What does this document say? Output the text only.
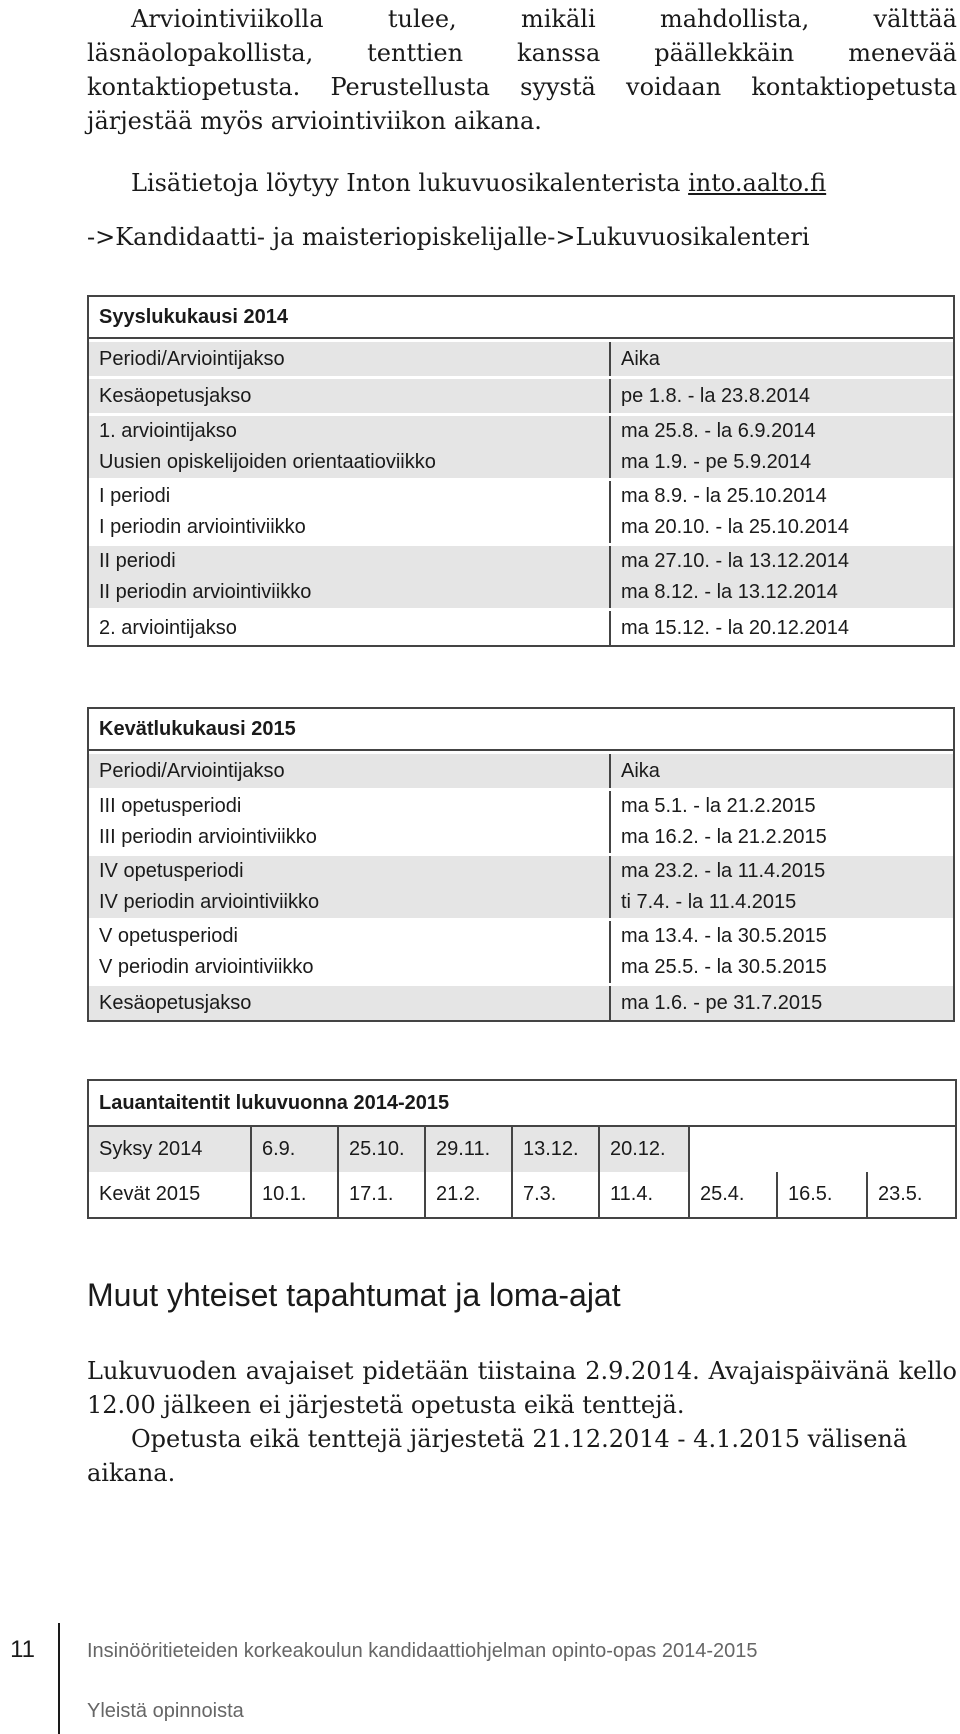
Arviointiviikolla tulee, mikäli mahdollista, välttää läsnäolopakollista, tenttien kanssa päällekkäin menevää kontaktiopetusta. Perustellusta syystä voidaan kontaktiopetusta järjestää myös arviointiviikon aikana.

Lisätietoja löytyy Inton lukuvuosikalenterista into.aalto.fi

->Kandidaatti- ja maisteriopiskelijalle->Lukuvuosikalenteri

Syyslukukausi 2014	

Periodi/Arviointijakso	Aika

Kesäopetusjakso	pe 1.8. - la 23.8.2014

1. arviointijakso	ma 25.8. - la 6.9.2014
Uusien opiskelijoiden orientaatioviikko	ma 1.9. - pe 5.9.2014

I periodi	ma 8.9. - la 25.10.2014
I periodin arviointiviikko	ma 20.10. - la 25.10.2014

II periodi	ma 27.10. - la 13.12.2014
II periodin arviointiviikko	ma 8.12. - la 13.12.2014

2. arviointijakso	ma 15.12. - la 20.12.2014
Kevätlukukausi 2015	

Periodi/Arviointijakso	Aika

III opetusperiodi	ma 5.1. - la 21.2.2015
III periodin arviointiviikko	ma 16.2. - la 21.2.2015

IV opetusperiodi	ma 23.2. - la 11.4.2015
IV periodin arviointiviikko	ti 7.4. - la 11.4.2015

V opetusperiodi	ma 13.4. - la 30.5.2015
V periodin arviointiviikko	ma 25.5. - la 30.5.2015

Kesäopetusjakso	ma 1.6. - pe 31.7.2015
Lauantaitentit lukuvuonna 2014-2015								
Syksy 2014	6.9.	25.10.	29.11.	13.12.	20.12.			
Kevät 2015	10.1.	17.1.	21.2.	7.3.	11.4.	25.4.	16.5.	23.5.
Muut yhteiset tapahtumat ja loma-ajat

Lukuvuoden avajaiset pidetään tiistaina 2.9.2014. Avajaispäivänä kello 12.00 jälkeen ei järjestetä opetusta eikä tenttejä.

Opetusta eikä tenttejä järjestetä 21.12.2014 - 4.1.2015 välisenä aikana.

11	Insinööritieteiden korkeakoulun kandidaattiohjelman opinto-opas 2014-2015
Yleistä opinnoista
